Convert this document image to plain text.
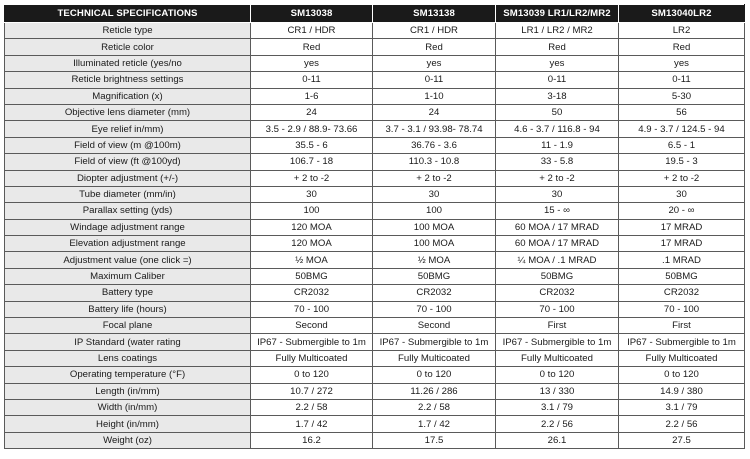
TECHNICAL SPECIFICATIONS	SM13038	SM13138	SM13039 LR1/LR2/MR2	SM13040LR2
Reticle type	CR1 / HDR	CR1 / HDR	LR1 / LR2 / MR2	LR2
Reticle color	Red	Red	Red	Red
Illuminated reticle (yes/no	yes	yes	yes	yes
Reticle brightness settings	0-11	0-11	0-11	0-11
Magnification (x)	1-6	1-10	3-18	5-30
Objective lens diameter (mm)	24	24	50	56
Eye relief in/mm)	3.5 - 2.9 / 88.9- 73.66	3.7 - 3.1 / 93.98- 78.74	4.6 - 3.7 / 116.8 - 94	4.9 - 3.7 / 124.5 - 94
Field of view (m @100m)	35.5 - 6	36.76 - 3.6	11 - 1.9	6.5 - 1
Field of view (ft @100yd)	106.7 - 18	110.3 - 10.8	33 - 5.8	19.5 - 3
Diopter adjustment (+/-)	+ 2 to -2	+ 2 to -2	+ 2 to -2	+ 2 to -2
Tube diameter (mm/in)	30	30	30	30
Parallax setting (yds)	100	100	15 - ∞	20 - ∞
Windage adjustment range	120 MOA	100 MOA	60 MOA / 17 MRAD	17 MRAD
Elevation adjustment range	120 MOA	100 MOA	60 MOA / 17 MRAD	17 MRAD
Adjustment value (one click =)	½ MOA	½ MOA	¼ MOA / .1 MRAD	.1 MRAD
Maximum Caliber	50BMG	50BMG	50BMG	50BMG
Battery type	CR2032	CR2032	CR2032	CR2032
Battery life (hours)	70 - 100	70 - 100	70 - 100	70 - 100
Focal plane	Second	Second	First	First
IP Standard (water rating	IP67 - Submergible to 1m	IP67 - Submergible to 1m	IP67 - Submergible to 1m	IP67 - Submergible to 1m
Lens coatings	Fully Multicoated	Fully Multicoated	Fully Multicoated	Fully Multicoated
Operating temperature (°F)	0 to 120	0 to 120	0 to 120	0 to 120
Length (in/mm)	10.7 / 272	11.26 / 286	13 / 330	14.9 / 380
Width (in/mm)	2.2 / 58	2.2 / 58	3.1 / 79	3.1 / 79
Height (in/mm)	1.7 / 42	1.7 / 42	2.2 / 56	2.2 / 56
Weight (oz)	16.2	17.5	26.1	27.5
